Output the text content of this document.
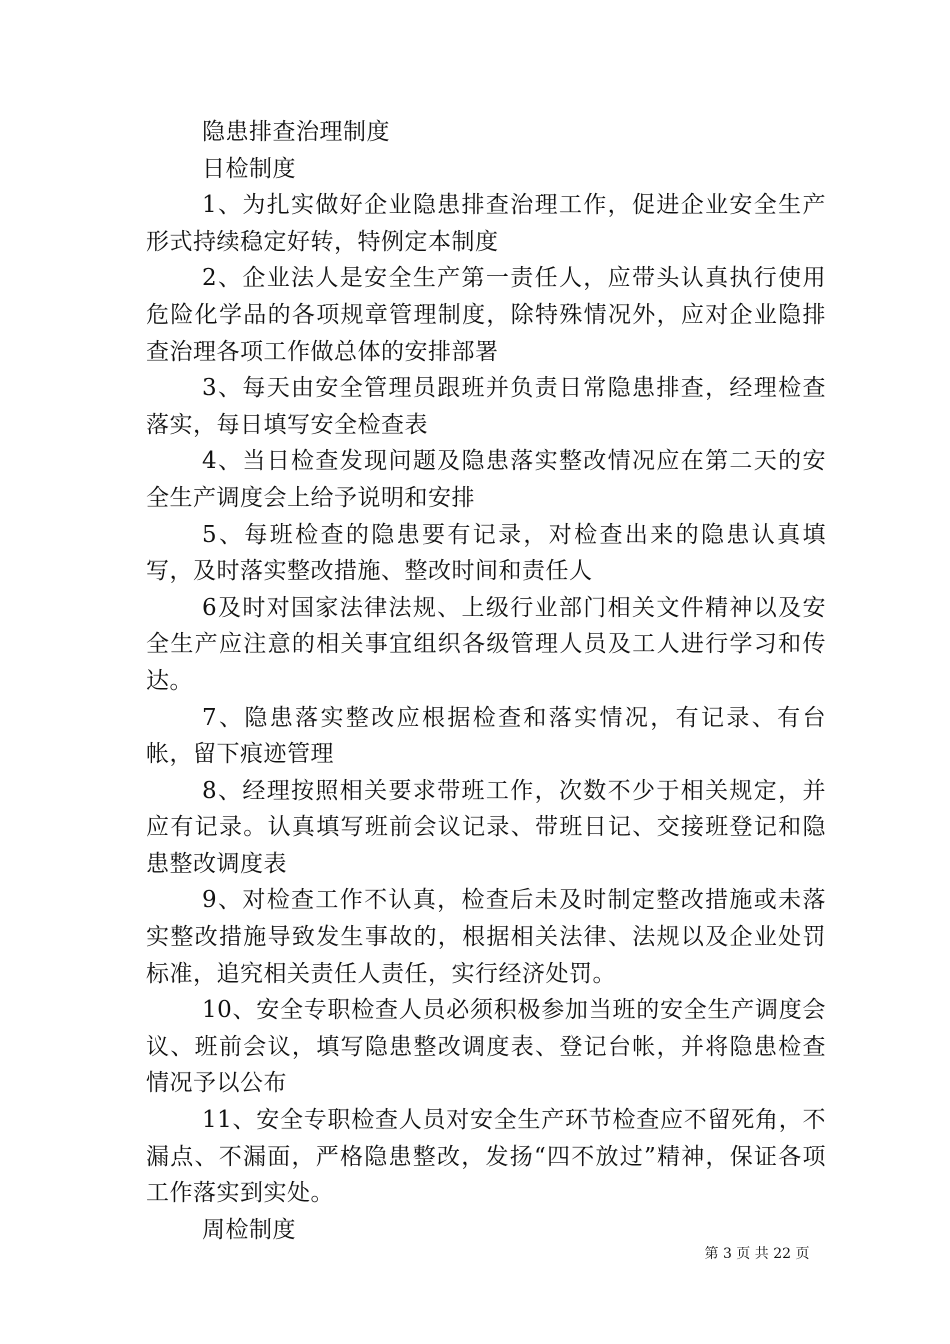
隐患排查治理制度

日检制度

1、为扎实做好企业隐患排查治理工作，促进企业安全生产形式持续稳定好转，特例定本制度

2、企业法人是安全生产第一责任人，应带头认真执行使用危险化学品的各项规章管理制度，除特殊情况外，应对企业隐排查治理各项工作做总体的安排部署

3、每天由安全管理员跟班并负责日常隐患排查，经理检查落实，每日填写安全检查表

4、当日检查发现问题及隐患落实整改情况应在第二天的安全生产调度会上给予说明和安排

5、每班检查的隐患要有记录，对检查出来的隐患认真填写，及时落实整改措施、整改时间和责任人

6及时对国家法律法规、上级行业部门相关文件精神以及安全生产应注意的相关事宜组织各级管理人员及工人进行学习和传达。

7、隐患落实整改应根据检查和落实情况，有记录、有台帐，留下痕迹管理

8、经理按照相关要求带班工作，次数不少于相关规定，并应有记录。认真填写班前会议记录、带班日记、交接班登记和隐患整改调度表

9、对检查工作不认真，检查后未及时制定整改措施或未落实整改措施导致发生事故的，根据相关法律、法规以及企业处罚标准，追究相关责任人责任，实行经济处罚。

10、安全专职检查人员必须积极参加当班的安全生产调度会议、班前会议，填写隐患整改调度表、登记台帐，并将隐患检查情况予以公布

11、安全专职检查人员对安全生产环节检查应不留死角，不漏点、不漏面，严格隐患整改，发扬“四不放过”精神，保证各项工作落实到实处。

周检制度

第 3 页 共 22 页
